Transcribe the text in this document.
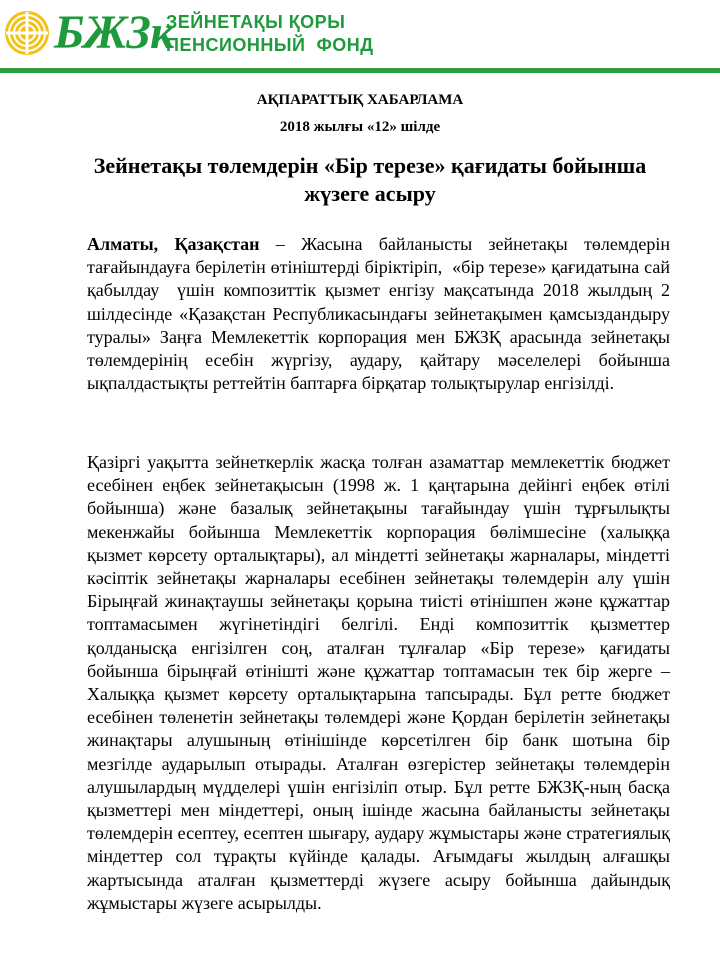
БЖЗк
ЗЕЙНЕТАҚЫ ҚОРЫ
ПЕНСИОННЫЙ  ФОНД
АҚПАРАТТЫҚ ХАБАРЛАМА
2018 жылғы «12» шілде
Зейнетақы төлемдерін «Бір терезе» қағидаты бойынша жүзеге асыру
Алматы, Қазақстан – Жасына байланысты зейнетақы төлемдерін тағайындауға берілетін өтініштерді біріктіріп,  «бір терезе» қағидатына сай  қабылдау  үшін композиттік қызмет енгізу мақсатында 2018 жылдың 2 шілдесінде «Қазақстан Республикасындағы зейнетақымен қамсыздандыру туралы» Заңға Мемлекеттік корпорация мен БЖЗҚ арасында зейнетақы төлемдерінің есебін жүргізу, аудару, қайтару мәселелері бойынша ықпалдастықты реттейтін баптарға бірқатар толықтырулар енгізілді.
Қазіргі уақытта зейнеткерлік жасқа толған азаматтар мемлекеттік бюджет есебінен еңбек зейнетақысын (1998 ж. 1 қаңтарына дейінгі еңбек өтілі бойынша) және базалық зейнетақыны тағайындау үшін тұрғылықты мекенжайы бойынша Мемлекеттік корпорация бөлімшесіне (халыққа қызмет көрсету орталықтары), ал міндетті зейнетақы жарналары, міндетті кәсіптік зейнетақы жарналары есебінен зейнетақы төлемдерін алу үшін Бірыңғай жинақтаушы зейнетақы қорына тиісті өтінішпен және құжаттар топтамасымен жүгінетіндігі белгілі. Енді композиттік қызметтер қолданысқа енгізілген соң, аталған тұлғалар «Бір терезе» қағидаты бойынша бірыңғай өтінішті және құжаттар топтамасын тек бір жерге – Халыққа қызмет көрсету орталықтарына тапсырады. Бұл ретте бюджет есебінен төленетін зейнетақы төлемдері және Қордан берілетін зейнетақы жинақтары алушының өтінішінде көрсетілген бір банк шотына бір мезгілде аударылып отырады. Аталған өзгерістер зейнетақы төлемдерін алушылардың мүдделері үшін енгізіліп отыр. Бұл ретте БЖЗҚ-ның басқа қызметтері мен міндеттері, оның ішінде жасына байланысты зейнетақы төлемдерін есептеу, есептен шығару, аудару жұмыстары және стратегиялық міндеттер сол тұрақты күйінде қалады. Ағымдағы жылдың алғашқы жартысында аталған қызметтерді жүзеге асыру бойынша дайындық жұмыстары жүзеге асырылды.
